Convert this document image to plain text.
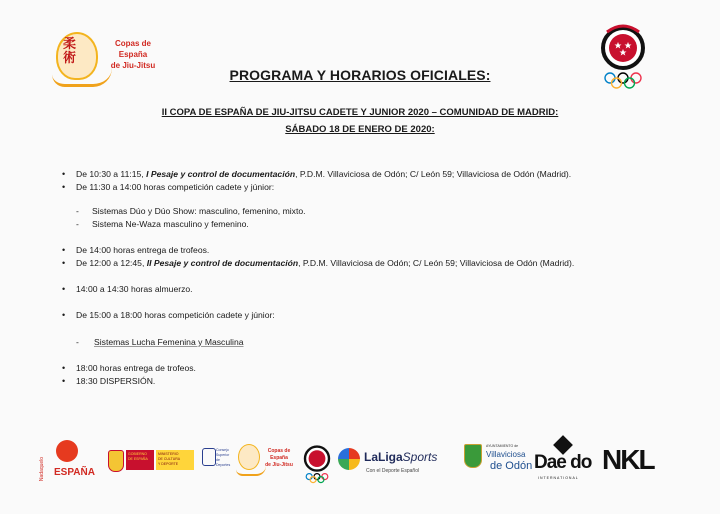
柔術
Copas de
España
de Jiu-Jitsu
PROGRAMA Y HORARIOS OFICIALES:
II COPA DE ESPAÑA DE JIU-JITSU CADETE Y JUNIOR 2020 – COMUNIDAD DE MADRID:
SÁBADO 18 DE ENERO DE 2020:
• De 10:30 a 11:15, I Pesaje y control de documentación, P.D.M. Villaviciosa de Odón; C/ León 59; Villaviciosa de Odón (Madrid).
• De 11:30 a 14:00 horas competición cadete y júnior:
- Sistemas Dúo y Dúo Show: masculino, femenino, mixto.
- Sistema Ne-Waza masculino y femenino.
• De 14:00 horas entrega de trofeos.
• De 12:00 a 12:45, II Pesaje y control de documentación, P.D.M. Villaviciosa de Odón; C/ León 59; Villaviciosa de Odón (Madrid).
• 14:00 a 14:30 horas almuerzo.
• De 15:00 a 18:00 horas competición cadete y júnior:
- Sistemas Lucha Femenina y Masculina
• 18:00 horas entrega de trofeos.
• 18:30 DISPERSIÓN.
Nadaquelo ESPAÑA
GOBIERNO
DE ESPAÑA
MINISTERIO
DE CULTURA
Y DEPORTE
Consejo
Superior de
Deportes
Copas de
España
de Jiu-Jitsu
LaLigaSports
Con el Deporte Español
AYUNTAMIENTO de
Villaviciosa
de Odón Dae do
INTERNATIONAL
NKL
